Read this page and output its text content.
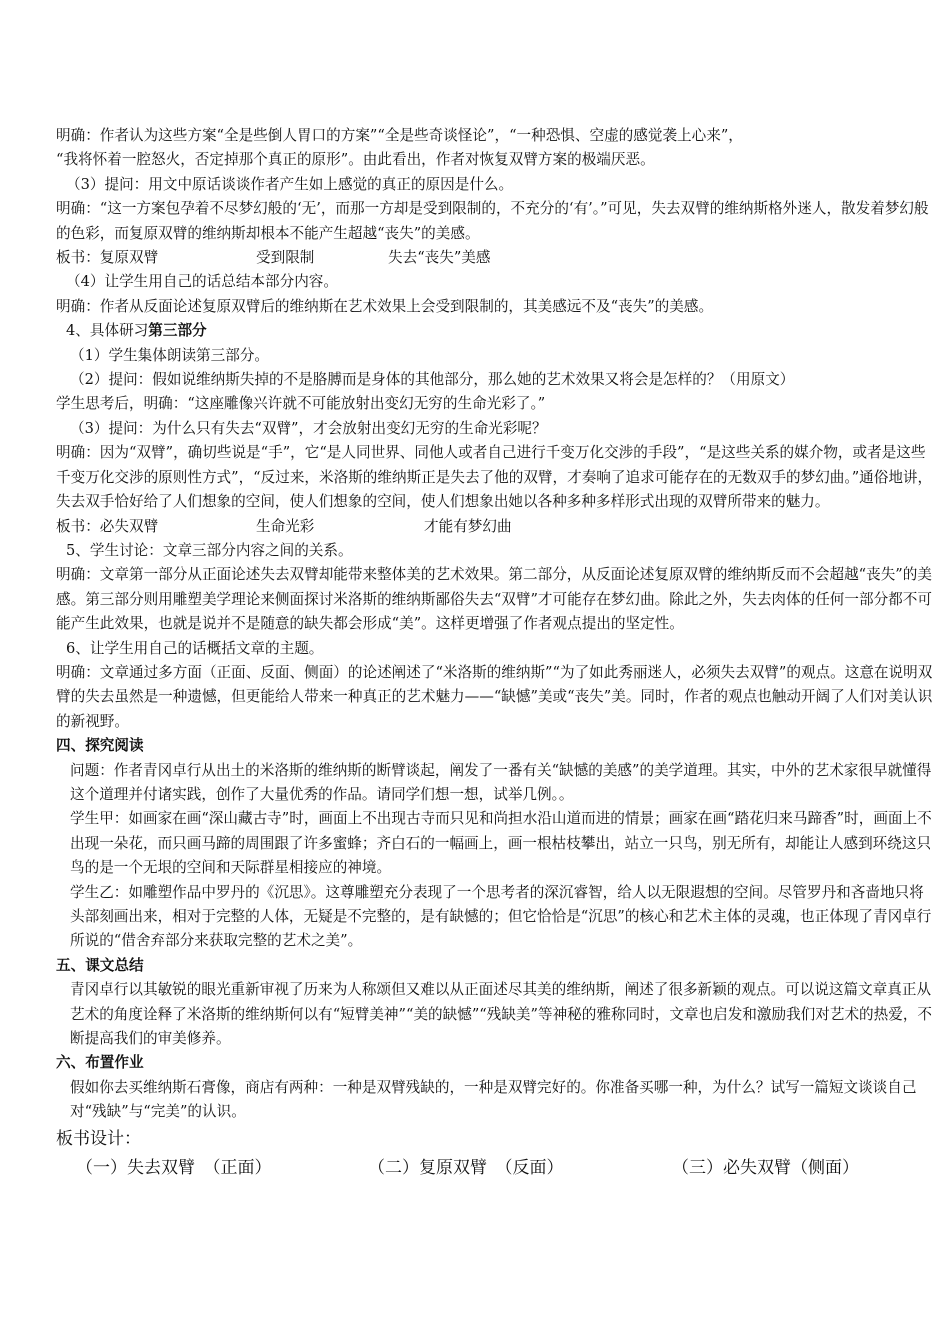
明确：作者认为这些方案“全是些倒人胃口的方案”“全是些奇谈怪论”，“一种恐惧、空虚的感觉袭上心来”，

“我将怀着一腔怒火，否定掉那个真正的原形”。由此看出，作者对恢复双臂方案的极端厌恶。

（3）提问：用文中原话谈谈作者产生如上感觉的真正的原因是什么。

明确：“这一方案包孕着不尽梦幻般的‘无’，而那一方却是受到限制的，不充分的‘有’。”可见，失去双臂的维纳斯格外迷人，散发着梦幻般的色彩，而复原双臂的维纳斯却根本不能产生超越“丧失”的美感。

板书：复原双臂	受到限制	失去“丧失”美感

（4）让学生用自己的话总结本部分内容。

明确：作者从反面论述复原双臂后的维纳斯在艺术效果上会受到限制的，其美感远不及“丧失”的美感。

4、具体研习第三部分

（1）学生集体朗读第三部分。

（2）提问：假如说维纳斯失掉的不是胳膊而是身体的其他部分，那么她的艺术效果又将会是怎样的？（用原文）

学生思考后，明确：“这座雕像兴许就不可能放射出变幻无穷的生命光彩了。”

（3）提问：为什么只有失去“双臂”，才会放射出变幻无穷的生命光彩呢？

明确：因为“双臂”，确切些说是“手”，它“是人同世界、同他人或者自己进行千变万化交涉的手段”，“是这些关系的媒介物，或者是这些千变万化交涉的原则性方式”，“反过来，米洛斯的维纳斯正是失去了他的双臂，才奏响了追求可能存在的无数双手的梦幻曲。”通俗地讲，失去双手恰好给了人们想象的空间，使人们想象的空间，使人们想象出她以各种多种多样形式出现的双臂所带来的魅力。

板书：必失双臂	生命光彩	才能有梦幻曲

5、学生讨论：文章三部分内容之间的关系。

明确：文章第一部分从正面论述失去双臂却能带来整体美的艺术效果。第二部分，从反面论述复原双臂的维纳斯反而不会超越“丧失”的美感。第三部分则用雕塑美学理论来侧面探讨米洛斯的维纳斯鄙俗失去“双臂”才可能存在梦幻曲。除此之外，失去肉体的任何一部分都不可能产生此效果，也就是说并不是随意的缺失都会形成“美”。这样更增强了作者观点提出的坚定性。

6、让学生用自己的话概括文章的主题。

明确：文章通过多方面（正面、反面、侧面）的论述阐述了“米洛斯的维纳斯”“为了如此秀丽迷人，必须失去双臂”的观点。这意在说明双臂的失去虽然是一种遗憾，但更能给人带来一种真正的艺术魅力——“缺憾”美或“丧失”美。同时，作者的观点也触动开阔了人们对美认识的新视野。

四、探究阅读

问题：作者青冈卓行从出土的米洛斯的维纳斯的断臂谈起，阐发了一番有关“缺憾的美感”的美学道理。其实，中外的艺术家很早就懂得这个道理并付诸实践，创作了大量优秀的作品。请同学们想一想，试举几例。。

学生甲：如画家在画“深山藏古寺”时，画面上不出现古寺而只见和尚担水沿山道而进的情景；画家在画“踏花归来马蹄香”时，画面上不出现一朵花，而只画马蹄的周围跟了许多蜜蜂；齐白石的一幅画上，画一根枯枝攀出，站立一只鸟，别无所有，却能让人感到环绕这只鸟的是一个无垠的空间和天际群星相接应的神境。

学生乙：如雕塑作品中罗丹的《沉思》。这尊雕塑充分表现了一个思考者的深沉睿智，给人以无限遐想的空间。尽管罗丹和吝啬地只将头部刻画出来，相对于完整的人体，无疑是不完整的，是有缺憾的；但它恰恰是“沉思”的核心和艺术主体的灵魂，也正体现了青冈卓行所说的“借舍弃部分来获取完整的艺术之美”。

五、课文总结

青冈卓行以其敏锐的眼光重新审视了历来为人称颂但又难以从正面述尽其美的维纳斯，阐述了很多新颖的观点。可以说这篇文章真正从艺术的角度诠释了米洛斯的维纳斯何以有“短臂美神”“美的缺憾”“残缺美”等神秘的雅称同时，文章也启发和激励我们对艺术的热爱，不断提高我们的审美修养。

六、布置作业

假如你去买维纳斯石膏像，商店有两种：一种是双臂残缺的，一种是双臂完好的。你准备买哪一种，为什么？试写一篇短文谈谈自己对“残缺”与“完美”的认识。

板书设计：

（一）失去双臂　（正面）	（二）复原双臂　（反面）	（三）必失双臂（侧面）
